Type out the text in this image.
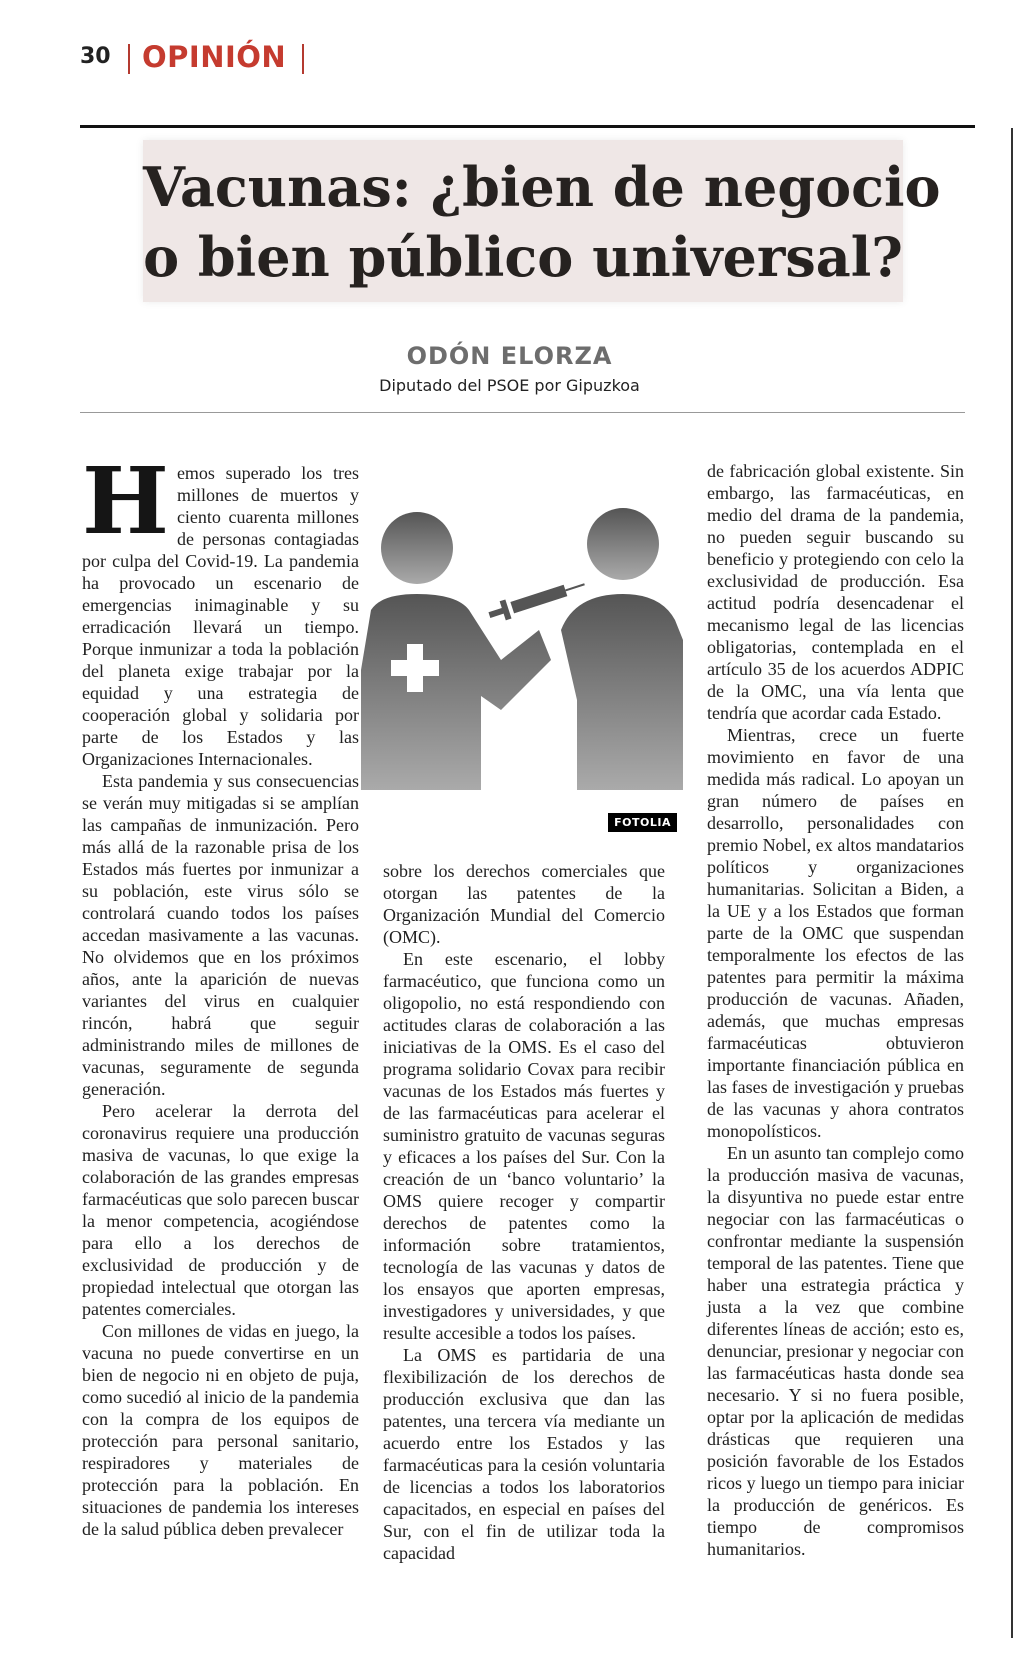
30 OPINIÓN
Vacunas: ¿bien de negocio
o bien público universal?
ODÓN ELORZA
Diputado del PSOE por Gipuzkoa

Hemos superado los tres millones de muertos y ciento cuarenta millones de personas contagiadas por culpa del Covid-19. La pandemia ha provocado un escenario de emergencias inimaginable y su erradicación llevará un tiempo. Porque inmunizar a toda la población del planeta exige trabajar por la equidad y una estrategia de cooperación global y solidaria por parte de los Estados y las Organizaciones Internacionales.

Esta pandemia y sus consecuencias se verán muy mitigadas si se amplían las campañas de inmunización. Pero más allá de la razonable prisa de los Estados más fuertes por inmunizar a su población, este virus sólo se controlará cuando todos los países accedan masivamente a las vacunas. No olvidemos que en los próximos años, ante la aparición de nuevas variantes del virus en cualquier rincón, habrá que seguir administrando miles de millones de vacunas, seguramente de segunda generación.

Pero acelerar la derrota del coronavirus requiere una producción masiva de vacunas, lo que exige la colaboración de las grandes empresas farmacéuticas que solo parecen buscar la menor competencia, acogiéndose para ello a los derechos de exclusividad de producción y de propiedad intelectual que otorgan las patentes comerciales.

Con millones de vidas en juego, la vacuna no puede convertirse en un bien de negocio ni en objeto de puja, como sucedió al inicio de la pandemia con la compra de los equipos de protección para personal sanitario, respiradores y materiales de protección para la población. En situaciones de pandemia los intereses de la salud pública deben prevalecer

FOTOLIA

sobre los derechos comerciales que otorgan las patentes de la Organización Mundial del Comercio (OMC).

En este escenario, el lobby farmacéutico, que funciona como un oligopolio, no está respondiendo con actitudes claras de colaboración a las iniciativas de la OMS. Es el caso del programa solidario Covax para recibir vacunas de los Estados más fuertes y de las farmacéuticas para acelerar el suministro gratuito de vacunas seguras y eficaces a los países del Sur. Con la creación de un ‘banco voluntario’ la OMS quiere recoger y compartir derechos de patentes como la información sobre tratamientos, tecnología de las vacunas y datos de los ensayos que aporten empresas, investigadores y universidades, y que resulte accesible a todos los países.

La OMS es partidaria de una flexibilización de los derechos de producción exclusiva que dan las patentes, una tercera vía mediante un acuerdo entre los Estados y las farmacéuticas para la cesión voluntaria de licencias a todos los laboratorios capacitados, en especial en países del Sur, con el fin de utilizar toda la capacidad

de fabricación global existente. Sin embargo, las farmacéuticas, en medio del drama de la pandemia, no pueden seguir buscando su beneficio y protegiendo con celo la exclusividad de producción. Esa actitud podría desencadenar el mecanismo legal de las licencias obligatorias, contemplada en el artículo 35 de los acuerdos ADPIC de la OMC, una vía lenta que tendría que acordar cada Estado.

Mientras, crece un fuerte movimiento en favor de una medida más radical. Lo apoyan un gran número de países en desarrollo, personalidades con premio Nobel, ex altos mandatarios políticos y organizaciones humanitarias. Solicitan a Biden, a la UE y a los Estados que forman parte de la OMC que suspendan temporalmente los efectos de las patentes para permitir la máxima producción de vacunas. Añaden, además, que muchas empresas farmacéuticas obtuvieron importante financiación pública en las fases de investigación y pruebas de las vacunas y ahora contratos monopolísticos.

En un asunto tan complejo como la producción masiva de vacunas, la disyuntiva no puede estar entre negociar con las farmacéuticas o confrontar mediante la suspensión temporal de las patentes. Tiene que haber una estrategia práctica y justa a la vez que combine diferentes líneas de acción; esto es, denunciar, presionar y negociar con las farmacéuticas hasta donde sea necesario. Y si no fuera posible, optar por la aplicación de medidas drásticas que requieren una posición favorable de los Estados ricos y luego un tiempo para iniciar la producción de genéricos. Es tiempo de compromisos humanitarios.
